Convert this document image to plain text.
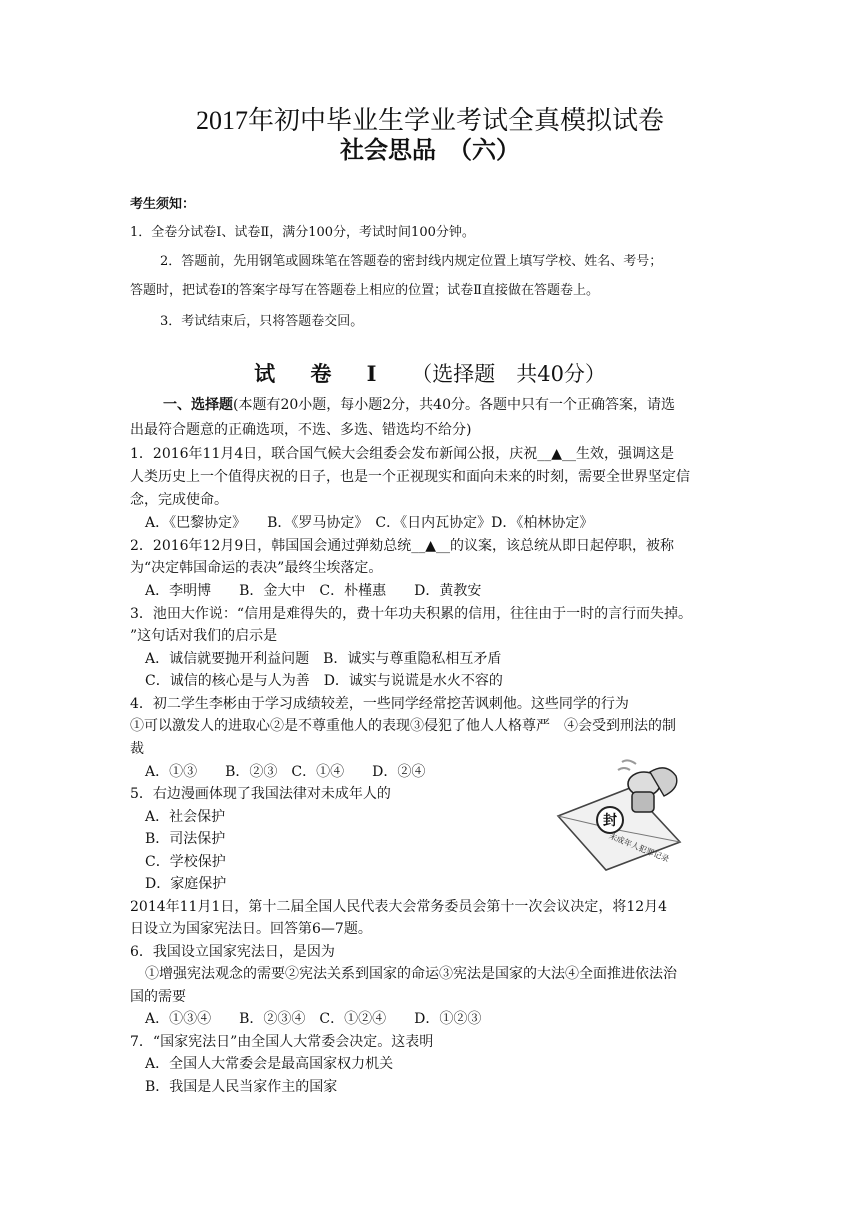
2017年初中毕业生学业考试全真模拟试卷
社会思品　（六）
考生须知：
1．全卷分试卷Ⅰ、试卷Ⅱ，满分100分，考试时间100分钟。
2．答题前，先用钢笔或圆珠笔在答题卷的密封线内规定位置上填写学校、姓名、考号；
答题时，把试卷Ⅰ的答案字母写在答题卷上相应的位置；试卷Ⅱ直接做在答题卷上。
3．考试结束后，只将答题卷交回。
试 卷 Ⅰ （选择题　共40分）
一、选择题(本题有20小题，每小题2分，共40分。各题中只有一个正确答案，请选
出最符合题意的正确选项，不选、多选、错选均不给分)
1．2016年11月4日，联合国气候大会组委会发布新闻公报，庆祝__▲__生效，强调这是
人类历史上一个值得庆祝的日子，也是一个正视现实和面向未来的时刻，需要全世界坚定信
念，完成使命。
A．《巴黎协定》　　B．《罗马协定》　C．《日内瓦协定》D．《柏林协定》
2．2016年12月9日，韩国国会通过弹劾总统__▲__的议案，该总统从即日起停职，被称
为“决定韩国命运的表决”最终尘埃落定。
A．李明博　　B．金大中　C．朴槿惠　　D．黄教安
3．池田大作说：“信用是难得失的，费十年功夫积累的信用，往往由于一时的言行而失掉。
”这句话对我们的启示是
A．诚信就要抛开利益问题　B．诚实与尊重隐私相互矛盾
C．诚信的核心是与人为善　D．诚实与说谎是水火不容的
4．初二学生李彬由于学习成绩较差，一些同学经常挖苦讽刺他。这些同学的行为
①可以激发人的进取心②是不尊重他人的表现③侵犯了他人人格尊严　④会受到刑法的制
裁
A．①③　　B．②③　C．①④　　D．②④
5．右边漫画体现了我国法律对未成年人的
A．社会保护
B．司法保护
C．学校保护
D．家庭保护
封
未成年人犯罪记录
2014年11月1日，第十二届全国人民代表大会常务委员会第十一次会议决定，将12月4
日设立为国家宪法日。回答第6—7题。
6．我国设立国家宪法日，是因为
①增强宪法观念的需要②宪法关系到国家的命运③宪法是国家的大法④全面推进依法治
国的需要
A．①③④　　B．②③④　C．①②④　　D．①②③
7．“国家宪法日”由全国人大常委会决定。这表明
A．全国人大常委会是最高国家权力机关
B．我国是人民当家作主的国家
